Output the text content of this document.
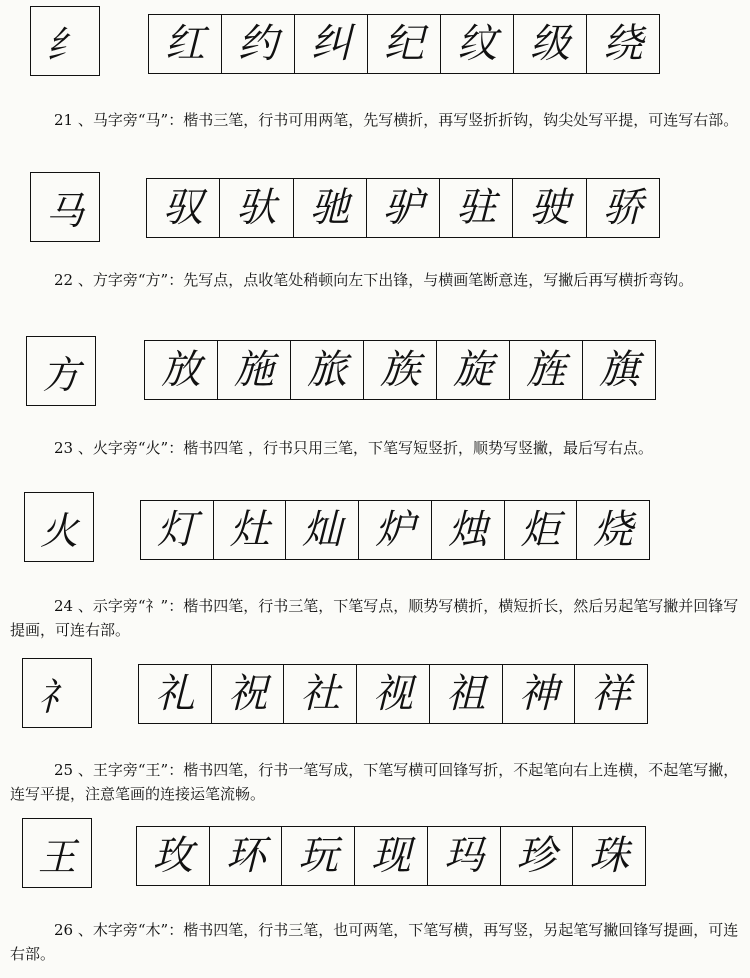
纟	红 约 纠 纪 纹 级 绕

21 、马字旁“马”：楷书三笔，行书可用两笔，先写横折，再写竖折折钩，钩尖处写平提，可连写右部。

马	驭 驮 驰 驴 驻 驶 骄

22 、方字旁“方”：先写点，点收笔处稍顿向左下出锋，与横画笔断意连，写撇后再写横折弯钩。

方	放 施 旅 族 旋 旌 旗

23 、火字旁“火”：楷书四笔 ，行书只用三笔，下笔写短竖折，顺势写竖撇，最后写右点。

火	灯 灶 灿 炉 烛 炬 烧

24 、示字旁“礻”：楷书四笔，行书三笔，下笔写点，顺势写横折，横短折长，然后另起笔写撇并回锋写提画，可连右部。

礻	礼 祝 社 视 祖 神 祥

25 、王字旁“王”：楷书四笔，行书一笔写成，下笔写横可回锋写折，不起笔向右上连横，不起笔写撇，连写平提，注意笔画的连接运笔流畅。

王	玫 环 玩 现 玛 珍 珠

26 、木字旁“木”：楷书四笔，行书三笔，也可两笔，下笔写横，再写竖，另起笔写撇回锋写提画，可连右部。
